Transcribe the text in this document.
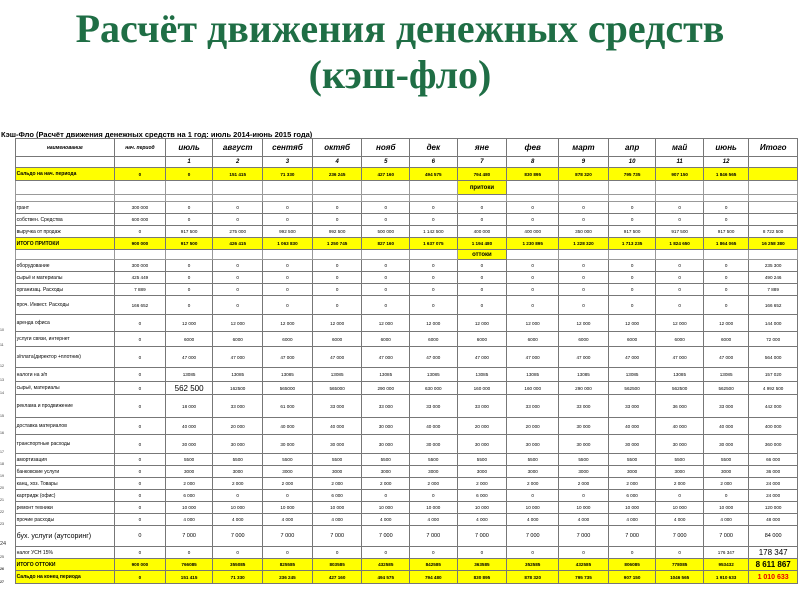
Расчёт движения денежных средств
(кэш-фло)
Кэш-Фло (Расчёт движения денежных средств на 1 год: июль 2014-июнь 2015 года)
	наименование	нач. период	июль	август	сентяб	октяб	нояб	дек	яне	фев	март	апр	май	июнь	Итого
			1	2	3	4	5	6	7	8	9	10	11	12	
	Сальдо на нач. периода	0	0	151 415	71 330	236 245	427 160	494 575	794 480	830 895	878 320	795 735	907 150	1 846 565	
									притоки						

	грант	300 000	0	0	0	0	0	0	0	0	0	0	0	0	
	собствен. Средства	600 000	0	0	0	0	0	0	0	0	0	0	0	0	
	выручка от продаж	0	917 500	275 000	992 500	992 500	500 000	1 142 500	400 000	400 000	350 000	917 500	917 500	917 500	8 722 500
	ИТОГО ПРИТОКИ	900 000	917 500	426 415	1 063 830	1 250 745	827 160	1 637 075	1 194 480	1 230 895	1 228 320	1 713 235	1 824 650	1 864 065	16 258 380
									оттоки						
	оборудование	300 000	0	0	0	0	0	0	0	0	0	0	0	0	235 300
	сырьё и материалы	425 449	0	0	0	0	0	0	0	0	0	0	0	0	490 246
	организац. Расходы	7 889	0	0	0	0	0	0	0	0	0	0	0	0	7 889
	проч. Инвест. Расходы	166 652	0	0	0	0	0	0	0	0	0	0	0	0	166 652
10	аренда офиса	0	12 000	12 000	12 000	12 000	12 000	12 000	12 000	12 000	12 000	12 000	12 000	12 000	144 000
11	услуги связи, интернет	0	6000	6000	6000	6000	6000	6000	6000	6000	6000	6000	6000	6000	72 000
12	з/плата(директор +плотник)	0	47 000	47 000	47 000	47 000	47 000	47 000	47 000	47 000	47 000	47 000	47 000	47 000	564 000
13	налоги на з/п	0	13085	13085	13085	13085	13085	13085	13085	13085	13085	13085	13085	13085	157 020
14	сырьё, материалы	0	562 500	162500	565000	565000	290 000	630 000	160 000	160 000	290 000	562500	562500	562500	4 992 500
15	реклама и продвижение	0	18 000	33 000	61 000	33 000	33 000	33 000	33 000	33 000	33 000	33 000	36 000	33 000	442 000
16	доставка материалов	0	40 000	20 000	40 000	40 000	30 000	40 000	20 000	20 000	30 000	40 000	40 000	40 000	400 000
17	транспортные расходы	0	30 000	30 000	30 000	30 000	30 000	30 000	30 000	30 000	30 000	30 000	30 000	30 000	360 000
18	амортизация	0	5500	5500	5500	5500	5500	5500	5500	5500	5500	5500	5500	5500	66 000
19	банковские услуги	0	3000	3000	3000	3000	3000	3000	3000	3000	3000	3000	3000	3000	36 000
20	канц, хоз. Товары	0	2 000	2 000	2 000	2 000	2 000	2 000	2 000	2 000	2 000	2 000	2 000	2 000	24 000
21	картридж (офис)	0	6 000	0	0	6 000	0	0	6 000	0	0	6 000	0	0	24 000
22	ремонт техники	0	10 000	10 000	10 000	10 000	10 000	10 000	10 000	10 000	10 000	10 000	10 000	10 000	120 000
23	прочие расходы	0	4 000	4 000	4 000	4 000	4 000	4 000	4 000	4 000	4 000	4 000	4 000	4 000	48 000
24	бух. услуги (аутсоринг)	0	7 000	7 000	7 000	7 000	7 000	7 000	7 000	7 000	7 000	7 000	7 000	7 000	84 000
25	налог УСН 15%	0	0	0	0	0	0	0	0	0	0	0	0	176 347	178 347
26	ИТОГО ОТТОКИ	900 000	766085	355085	825585	803585	432585	842585	363585	352585	432585	806085	778085	953432	8 611 867
27	Сальдо на конец периода	0	151 415	71 330	236 245	427 160	494 575	794 480	830 895	878 320	795 735	907 150	1046 565	1 910 633	1 010 633
